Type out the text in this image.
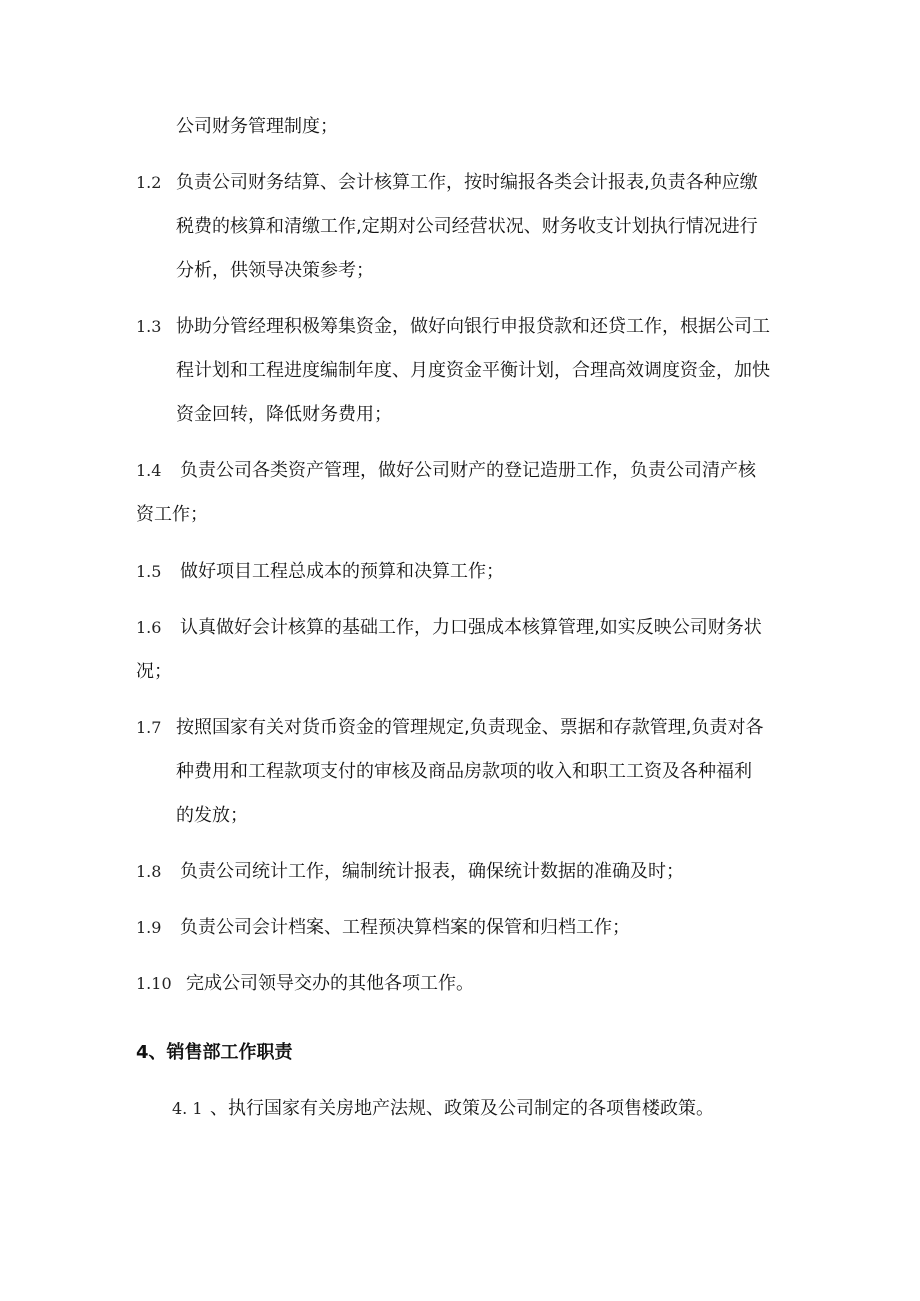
公司财务管理制度；
1.2 负责公司财务结算、会计核算工作，按时编报各类会计报表,负责各种应缴
税费的核算和清缴工作,定期对公司经营状况、财务收支计划执行情况进行
分析，供领导决策参考；
1.3 协助分管经理积极筹集资金，做好向银行申报贷款和还贷工作，根据公司工
程计划和工程进度编制年度、月度资金平衡计划，合理高效调度资金，加快
资金回转，降低财务费用；
1.4 负责公司各类资产管理，做好公司财产的登记造册工作，负责公司清产核
资工作；
1.5 做好项目工程总成本的预算和决算工作；
1.6 认真做好会计核算的基础工作，力口强成本核算管理,如实反映公司财务状
况；
1.7 按照国家有关对货币资金的管理规定,负责现金、票据和存款管理,负责对各
种费用和工程款项支付的审核及商品房款项的收入和职工工资及各种福利
的发放；
1.8 负责公司统计工作，编制统计报表，确保统计数据的准确及时；
1.9 负责公司会计档案、工程预决算档案的保管和归档工作；
1.10 完成公司领导交办的其他各项工作。
4、销售部工作职责
4. 1 、执行国家有关房地产法规、政策及公司制定的各项售楼政策。
